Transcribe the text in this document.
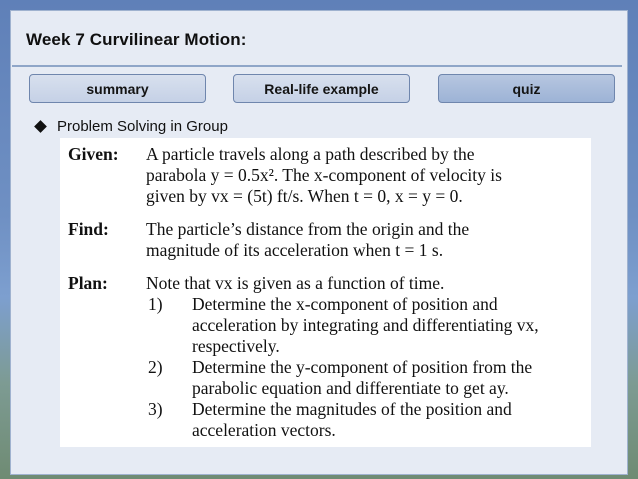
Week 7 Curvilinear Motion:
summary	Real-life example	quiz
Problem Solving in Group
Given:	A particle travels along a path described by the
parabola y = 0.5x². The x-component of velocity is
given by vx = (5t) ft/s. When t = 0, x = y = 0.
Find:	The particle’s distance from the origin and the
magnitude of its acceleration when t = 1 s.
Plan:	Note that vx is given as a function of time.
1)	Determine the x-component of position and
acceleration by integrating and differentiating vx,
respectively.
2)	Determine the y-component of position from the
parabolic equation and differentiate to get ay.
3)	Determine the magnitudes of the position and
acceleration vectors.
